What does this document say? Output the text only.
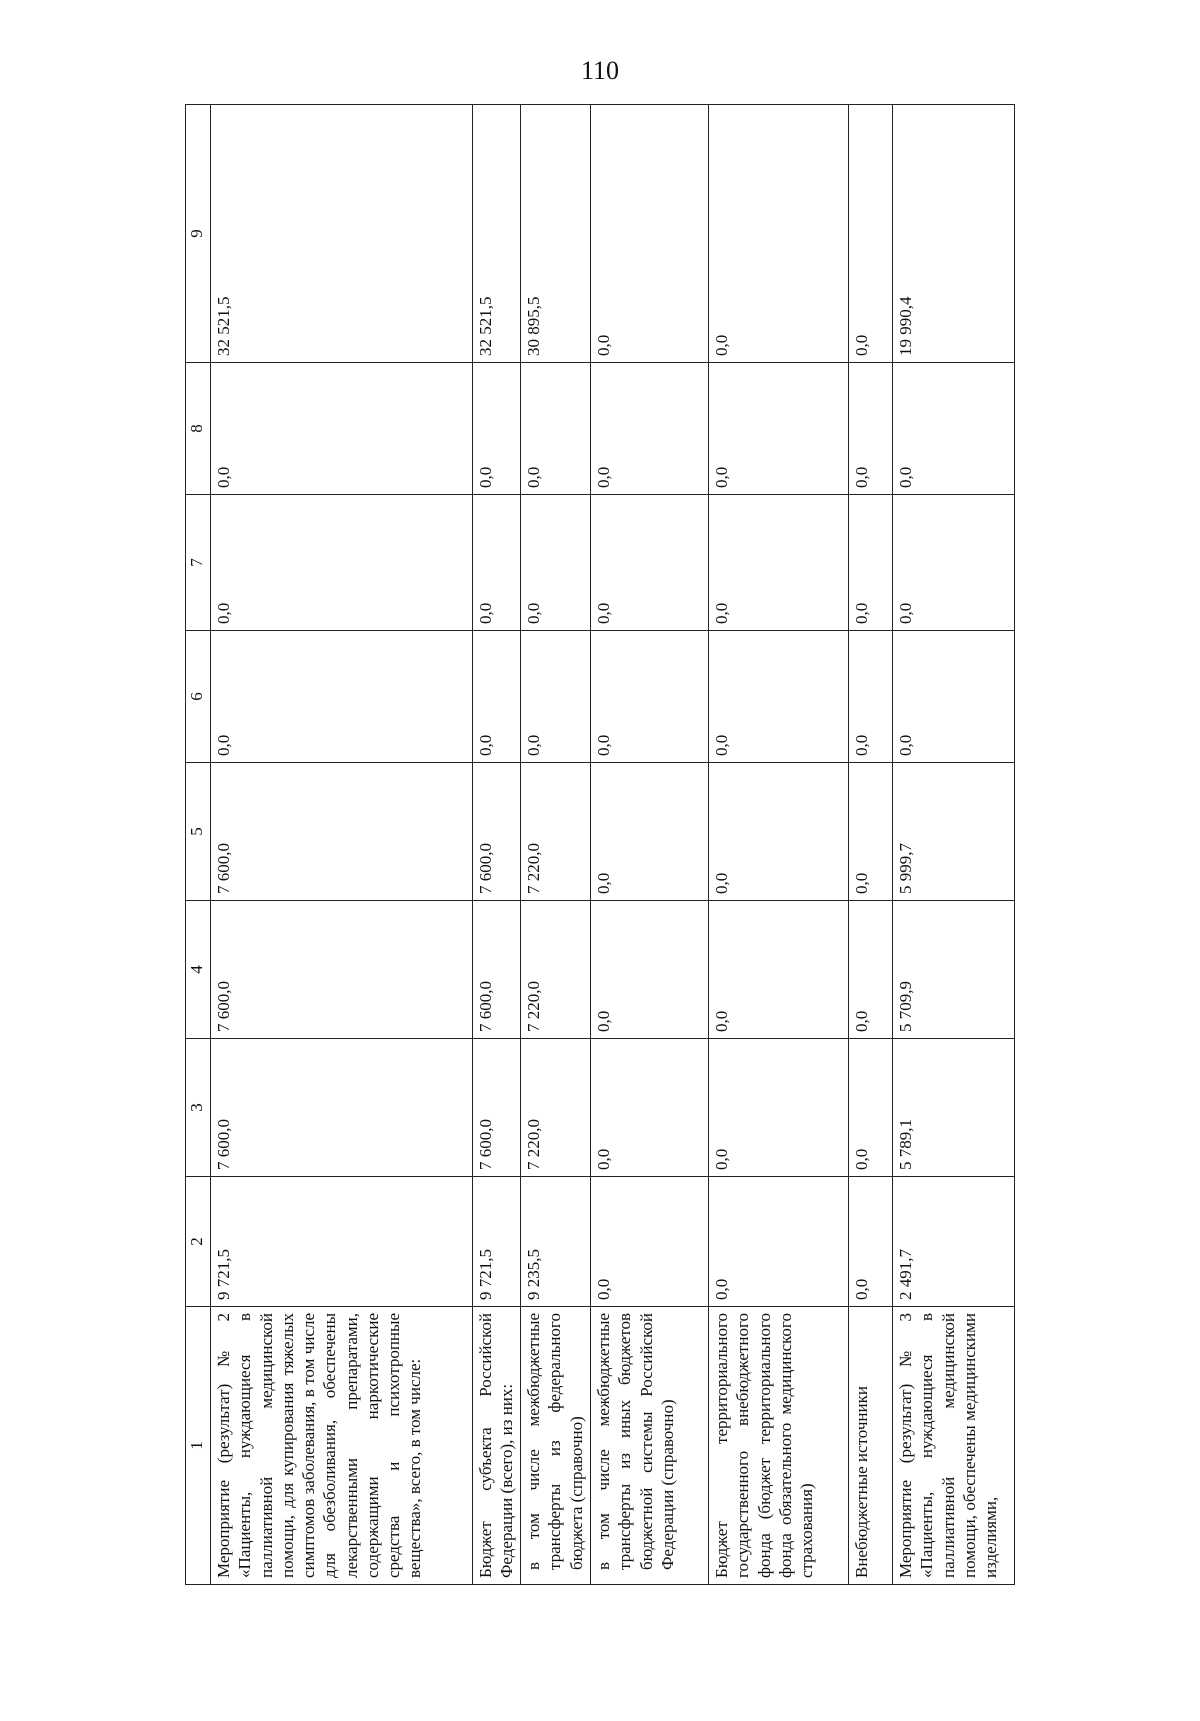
110
1	2	3	4	5	6	7	8	9
Мероприятие (результат) № 2 «Пациенты, нуждающиеся в паллиативной медицинской помощи, для купирования тяжелых симптомов заболевания, в том числе для обезболивания, обеспечены лекарственными препаратами, содержащими наркотические средства и психотропные вещества», всего, в том числе:	9 721,5	7 600,0	7 600,0	7 600,0	0,0	0,0	0,0	32 521,5
Бюджет субъекта Российской Федерации (всего), из них:	9 721,5	7 600,0	7 600,0	7 600,0	0,0	0,0	0,0	32 521,5
в том числе межбюджетные трансферты из федерального бюджета (справочно)	9 235,5	7 220,0	7 220,0	7 220,0	0,0	0,0	0,0	30 895,5
в том числе межбюджетные трансферты из иных бюджетов бюджетной системы Российской Федерации (справочно)	0,0	0,0	0,0	0,0	0,0	0,0	0,0	0,0
Бюджет территориального государственного внебюджетного фонда (бюджет территориального фонда обязательного медицинского страхования)	0,0	0,0	0,0	0,0	0,0	0,0	0,0	0,0
Внебюджетные источники	0,0	0,0	0,0	0,0	0,0	0,0	0,0	0,0
Мероприятие (результат) № 3 «Пациенты, нуждающиеся в паллиативной медицинской помощи, обеспечены медицинскими изделиями,	2 491,7	5 789,1	5 709,9	5 999,7	0,0	0,0	0,0	19 990,4
